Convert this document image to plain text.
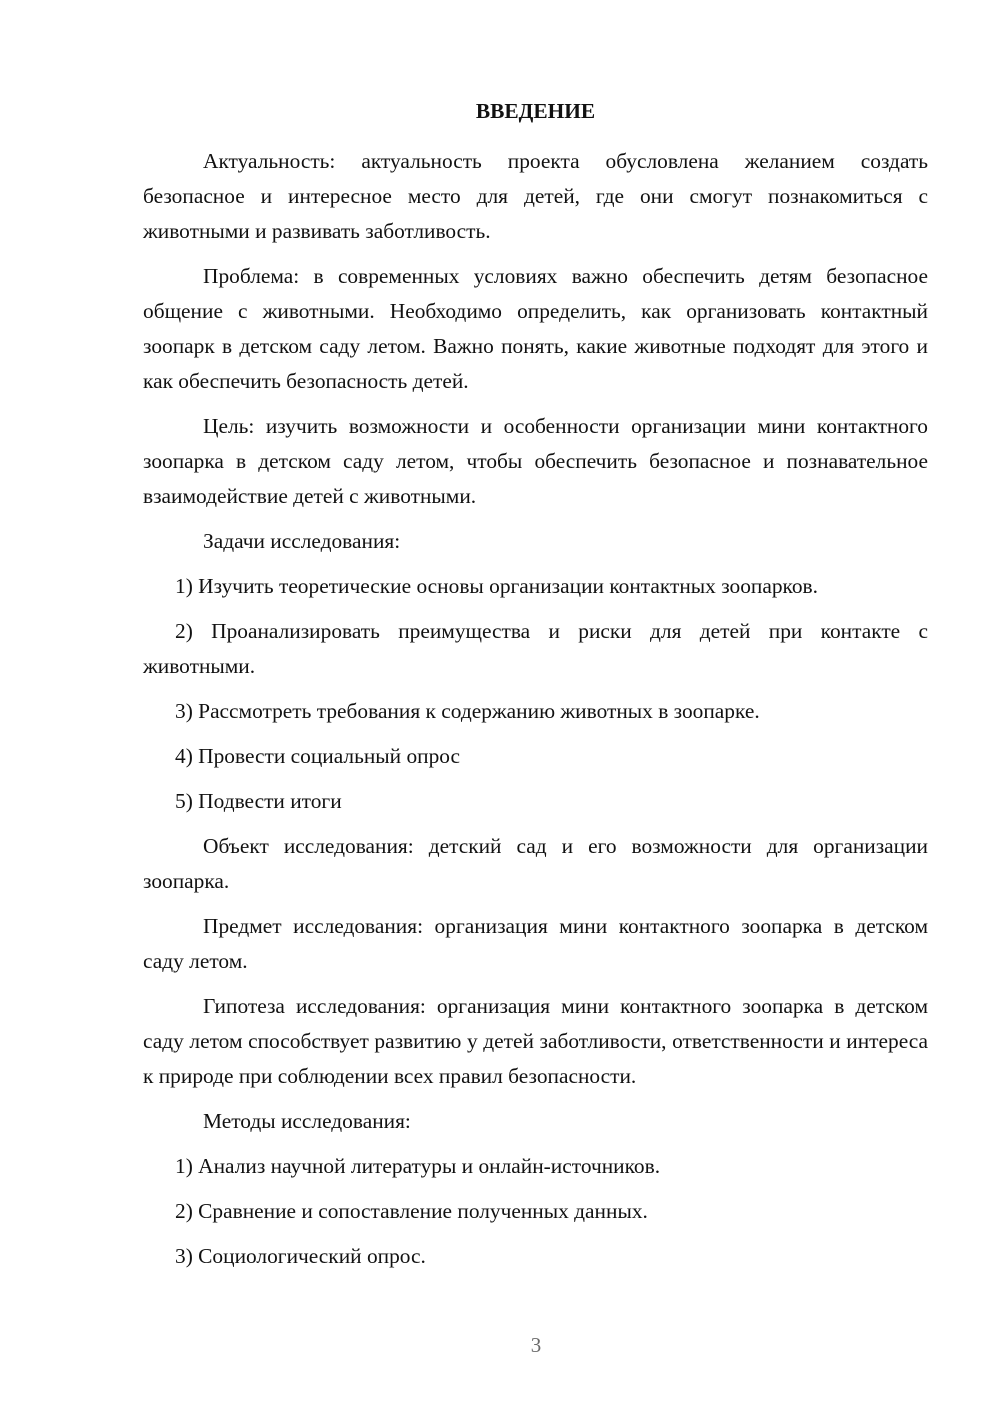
ВВЕДЕНИЕ

Актуальность: актуальность проекта обусловлена желанием создать безопасное и интересное место для детей, где они смогут познакомиться с животными и развивать заботливость.

Проблема: в современных условиях важно обеспечить детям безопасное общение с животными. Необходимо определить, как организовать контактный зоопарк в детском саду летом. Важно понять, какие животные подходят для этого и как обеспечить безопасность детей.

Цель: изучить возможности и особенности организации мини контактного зоопарка в детском саду летом, чтобы обеспечить безопасное и познавательное взаимодействие детей с животными.

Задачи исследования:

1) Изучить теоретические основы организации контактных зоопарков.

2) Проанализировать преимущества и риски для детей при контакте с животными.

3) Рассмотреть требования к содержанию животных в зоопарке.

4) Провести социальный опрос

5) Подвести итоги

Объект исследования: детский сад и его возможности для организации зоопарка.

Предмет исследования: организация мини контактного зоопарка в детском саду летом.

Гипотеза исследования: организация мини контактного зоопарка в детском саду летом способствует развитию у детей заботливости, ответственности и интереса к природе при соблюдении всех правил безопасности.

Методы исследования:

1) Анализ научной литературы и онлайн-источников.

2) Сравнение и сопоставление полученных данных.

3) Социологический опрос.

3
